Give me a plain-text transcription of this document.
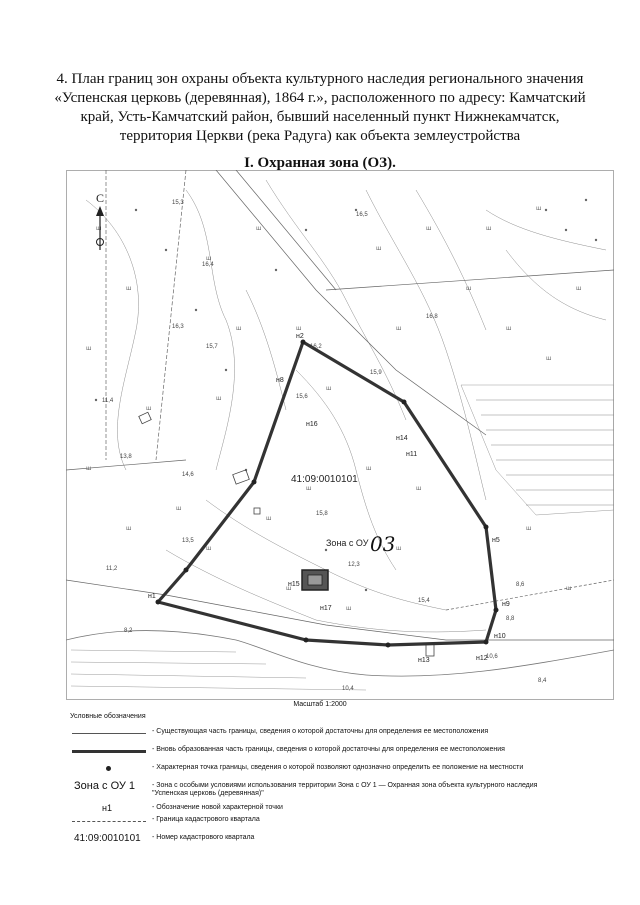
4. План границ зон охраны объекта культурного наследия регионального значения
«Успенская церковь (деревянная), 1864 г.», расположенного по адресу: Камчатский
край, Усть-Камчатский район, бывший населенный пункт Нижнекамчатск,
территория Церкви (река Радуга) как объекта землеустройства
I. Охранная зона (ОЗ).
ш
ш
ш
ш
ш
ш
ш
ш
ш
ш
ш
ш
ш
ш
ш
ш
ш
ш
ш
ш
ш
ш
ш
ш
ш
ш
ш
ш
ш
ш
ш
ш
С
41:09:0010101
Зона с ОУ 03
н1
н2
н5
н8
н9
н10
н11
н12
н13
н14
н15
н16
н17
15,3
16,5
16,2
15,9
15,6
15,8
15,4
14,6
13,8
13,5
12,3
11,2
10,6
8,8
8,2
8,4
8,6
16,4
16,3
15,7
16,8
10,4
11,4
Масштаб 1:2000
Условные обозначения
- Существующая часть границы, сведения о которой достаточны для определения ее местоположения
- Вновь образованная часть границы, сведения о которой достаточны для определения ее местоположения
- Характерная точка границы, сведения о которой позволяют однозначно определить ее положение на местности
Зона с ОУ 1 - Зона с особыми условиями использования территории Зона с ОУ 1 — Охранная зона объекта культурного наследия
"Успенская церковь (деревянная)"
н1	- Обозначение новой характерной точки
- Граница кадастрового квартала
41:09:0010101 - Номер кадастрового квартала
